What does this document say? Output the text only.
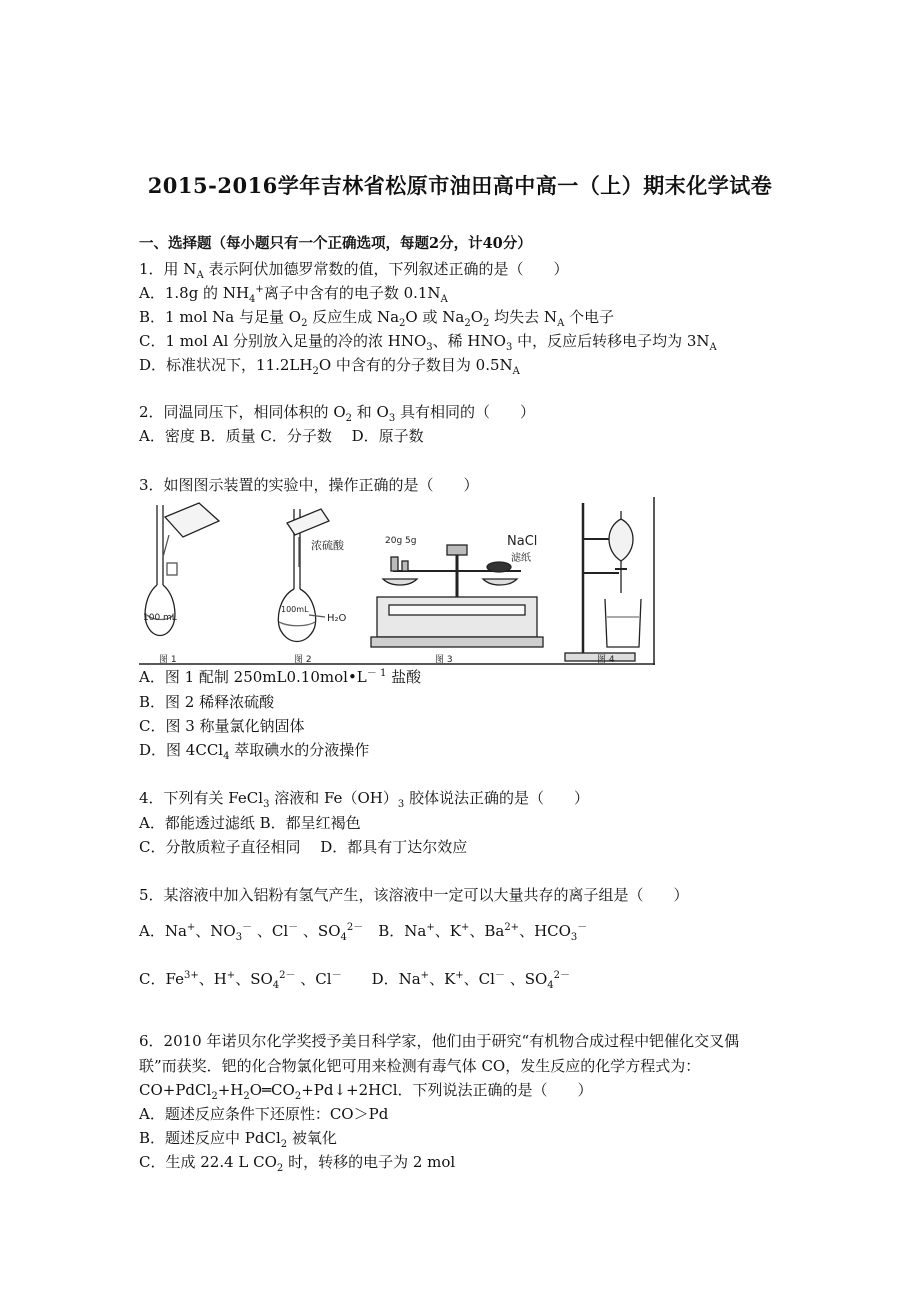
2015-2016学年吉林省松原市油田高中高一（上）期末化学试卷
一、选择题（每小题只有一个正确选项，每题2分，计40分）
1．用 $N_A$ 表示阿伏加德罗常数的值，下列叙述正确的是（　　）
A．1.8g 的 $NH_4^+$离子中含有的电子数 $0.1N_A$
B．1 mol Na 与足量 $O_2$ 反应生成 $Na_2O$ 或 $Na_2O_2$ 均失去 $N_A$ 个电子
C．1 mol Al 分别放入足量的冷的浓 $HNO_3$、稀 $HNO_3$ 中，反应后转移电子均为 $3N_A$
D．标准状况下，$11.2LH_2O$ 中含有的分子数目为 $0.5N_A$
2．同温同压下，相同体积的 $O_2$ 和 $O_3$ 具有相同的（　　）
A．密度 B．质量 C．分子数　 D．原子数
3．如图图示装置的实验中，操作正确的是（　　）
100 mL
浓硫酸
100mL
H₂O
20g 5g	NaCl
滤纸
图 1	图 2	图 3	图 4
A．图 1 配制 $250mL0.10mol•L^{- 1}$ 盐酸
B．图 2 稀释浓硫酸
C．图 3 称量氯化钠固体
D．图 4CCl$_4$ 萃取碘水的分液操作
4．下列有关 FeCl$_3$ 溶液和 $Fe(OH)_3$ 胶体说法正确的是（　　）
A．都能透过滤纸 B．都呈红褐色
C．分散质粒子直径相同　 D．都具有丁达尔效应
5．某溶液中加入铝粉有氢气产生，该溶液中一定可以大量共存的离子组是（　　）
A．Na+、$NO_3^-$ 、Cl－ 、$SO_4^{2-}$　B．Na+、K+、$Ba^{2+}$、$HCO_3^-$
C．$Fe^{3+}$、H+、$SO_4^{2-}$ 、Cl－　　D．Na+、K+、Cl－ 、$SO_4^{2-}$
6．2010 年诺贝尔化学奖授予美日科学家，他们由于研究“有机物合成过程中钯催化交叉偶
联”而获奖．钯的化合物氯化钯可用来检测有毒气体 CO，发生反应的化学方程式为：
$CO+PdCl_2+H_2O═CO_2+Pd↓+2HCl$．下列说法正确的是（　　）
A．题述反应条件下还原性：CO＞Pd
B．题述反应中 PdCl$_2$ 被氧化
C．生成 22.4 L $CO_2$ 时，转移的电子为 2 mol
